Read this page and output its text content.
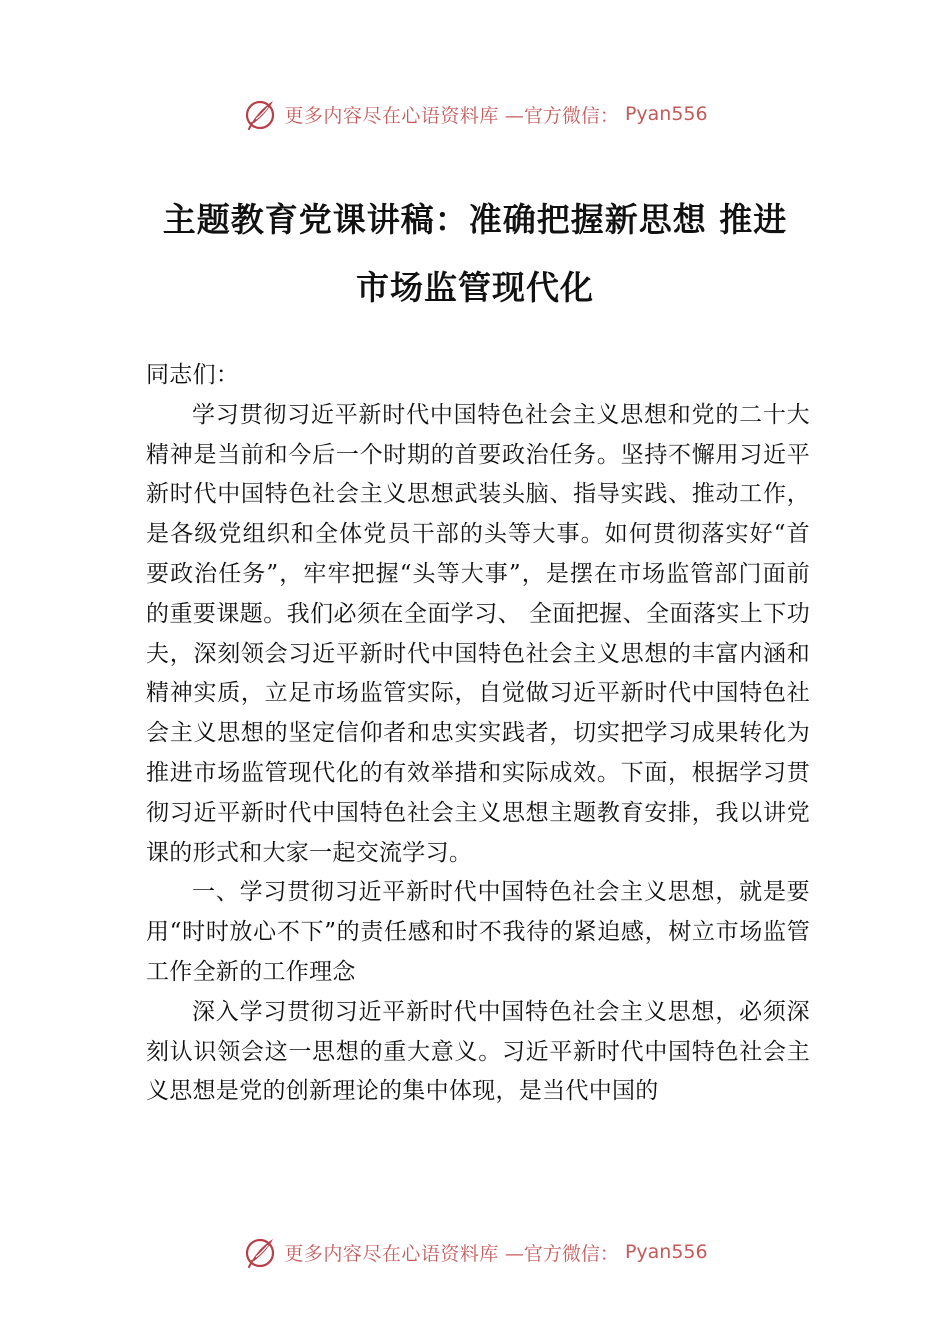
更多内容尽在心语资料库 —官方微信： Pyan556
主题教育党课讲稿：准确把握新思想 推进
市场监管现代化

同志们：

学习贯彻习近平新时代中国特色社会主义思想和党的二十大精神是当前和今后一个时期的首要政治任务。坚持不懈用习近平新时代中国特色社会主义思想武装头脑、指导实践、推动工作，是各级党组织和全体党员干部的头等大事。如何贯彻落实好“首要政治任务”，牢牢把握“头等大事”，是摆在市场监管部门面前的重要课题。我们必须在全面学习、 全面把握、全面落实上下功夫，深刻领会习近平新时代中国特色社会主义思想的丰富内涵和精神实质，立足市场监管实际，自觉做习近平新时代中国特色社会主义思想的坚定信仰者和忠实实践者，切实把学习成果转化为推进市场监管现代化的有效举措和实际成效。下面，根据学习贯彻习近平新时代中国特色社会主义思想主题教育安排，我以讲党课的形式和大家一起交流学习。

一、学习贯彻习近平新时代中国特色社会主义思想，就是要用“时时放心不下”的责任感和时不我待的紧迫感，树立市场监管工作全新的工作理念

深入学习贯彻习近平新时代中国特色社会主义思想，必须深刻认识领会这一思想的重大意义。习近平新时代中国特色社会主义思想是党的创新理论的集中体现，是当代中国的

更多内容尽在心语资料库 —官方微信： Pyan556
